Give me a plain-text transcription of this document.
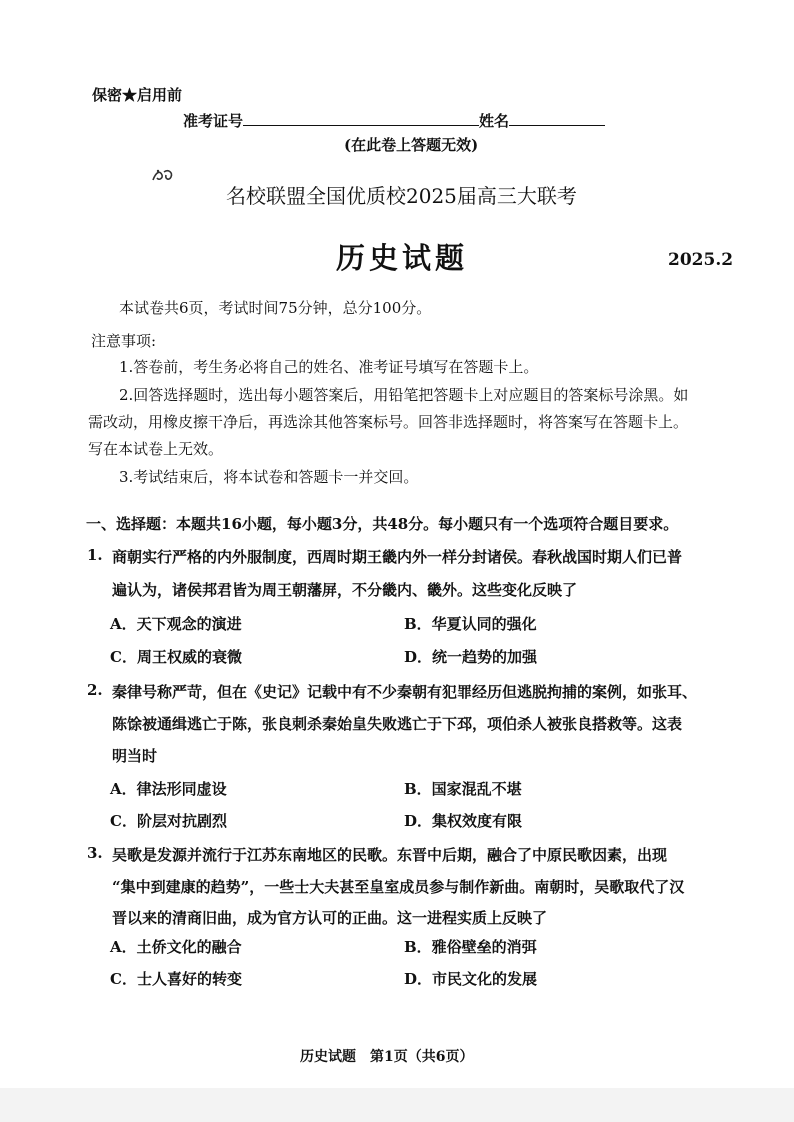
保密★启用前
准考证号	姓名
(在此卷上答题无效)
名校联盟全国优质校2025届高三大联考
历史试题	2025.2
本试卷共6页，考试时间75分钟，总分100分。
注意事项:
1.答卷前，考生务必将自己的姓名、准考证号填写在答题卡上。
2.回答选择题时，选出每小题答案后，用铅笔把答题卡上对应题目的答案标号涂黑。如
需改动，用橡皮擦干净后，再选涂其他答案标号。回答非选择题时，将答案写在答题卡上。
写在本试卷上无效。
3.考试结束后，将本试卷和答题卡一并交回。
一、选择题：本题共16小题，每小题3分，共48分。每小题只有一个选项符合题目要求。
1. 商朝实行严格的内外服制度，西周时期王畿内外一样分封诸侯。春秋战国时期人们已普
遍认为，诸侯邦君皆为周王朝藩屏，不分畿内、畿外。这些变化反映了
A．天下观念的演进	B．华夏认同的强化
C．周王权威的衰微	D．统一趋势的加强
2. 秦律号称严苛，但在《史记》记载中有不少秦朝有犯罪经历但逃脱拘捕的案例，如张耳、
陈馀被通缉逃亡于陈，张良刺杀秦始皇失败逃亡于下邳，项伯杀人被张良搭救等。这表
明当时
A．律法形同虚设	B．国家混乱不堪
C．阶层对抗剧烈	D．集权效度有限
3. 吴歌是发源并流行于江苏东南地区的民歌。东晋中后期，融合了中原民歌因素，出现
“集中到建康的趋势”，一些士大夫甚至皇室成员参与制作新曲。南朝时，吴歌取代了汉
晋以来的清商旧曲，成为官方认可的正曲。这一进程实质上反映了
A．土侨文化的融合	B．雅俗壁垒的消弭
C．士人喜好的转变	D．市民文化的发展
历史试题　第1页（共6页）
